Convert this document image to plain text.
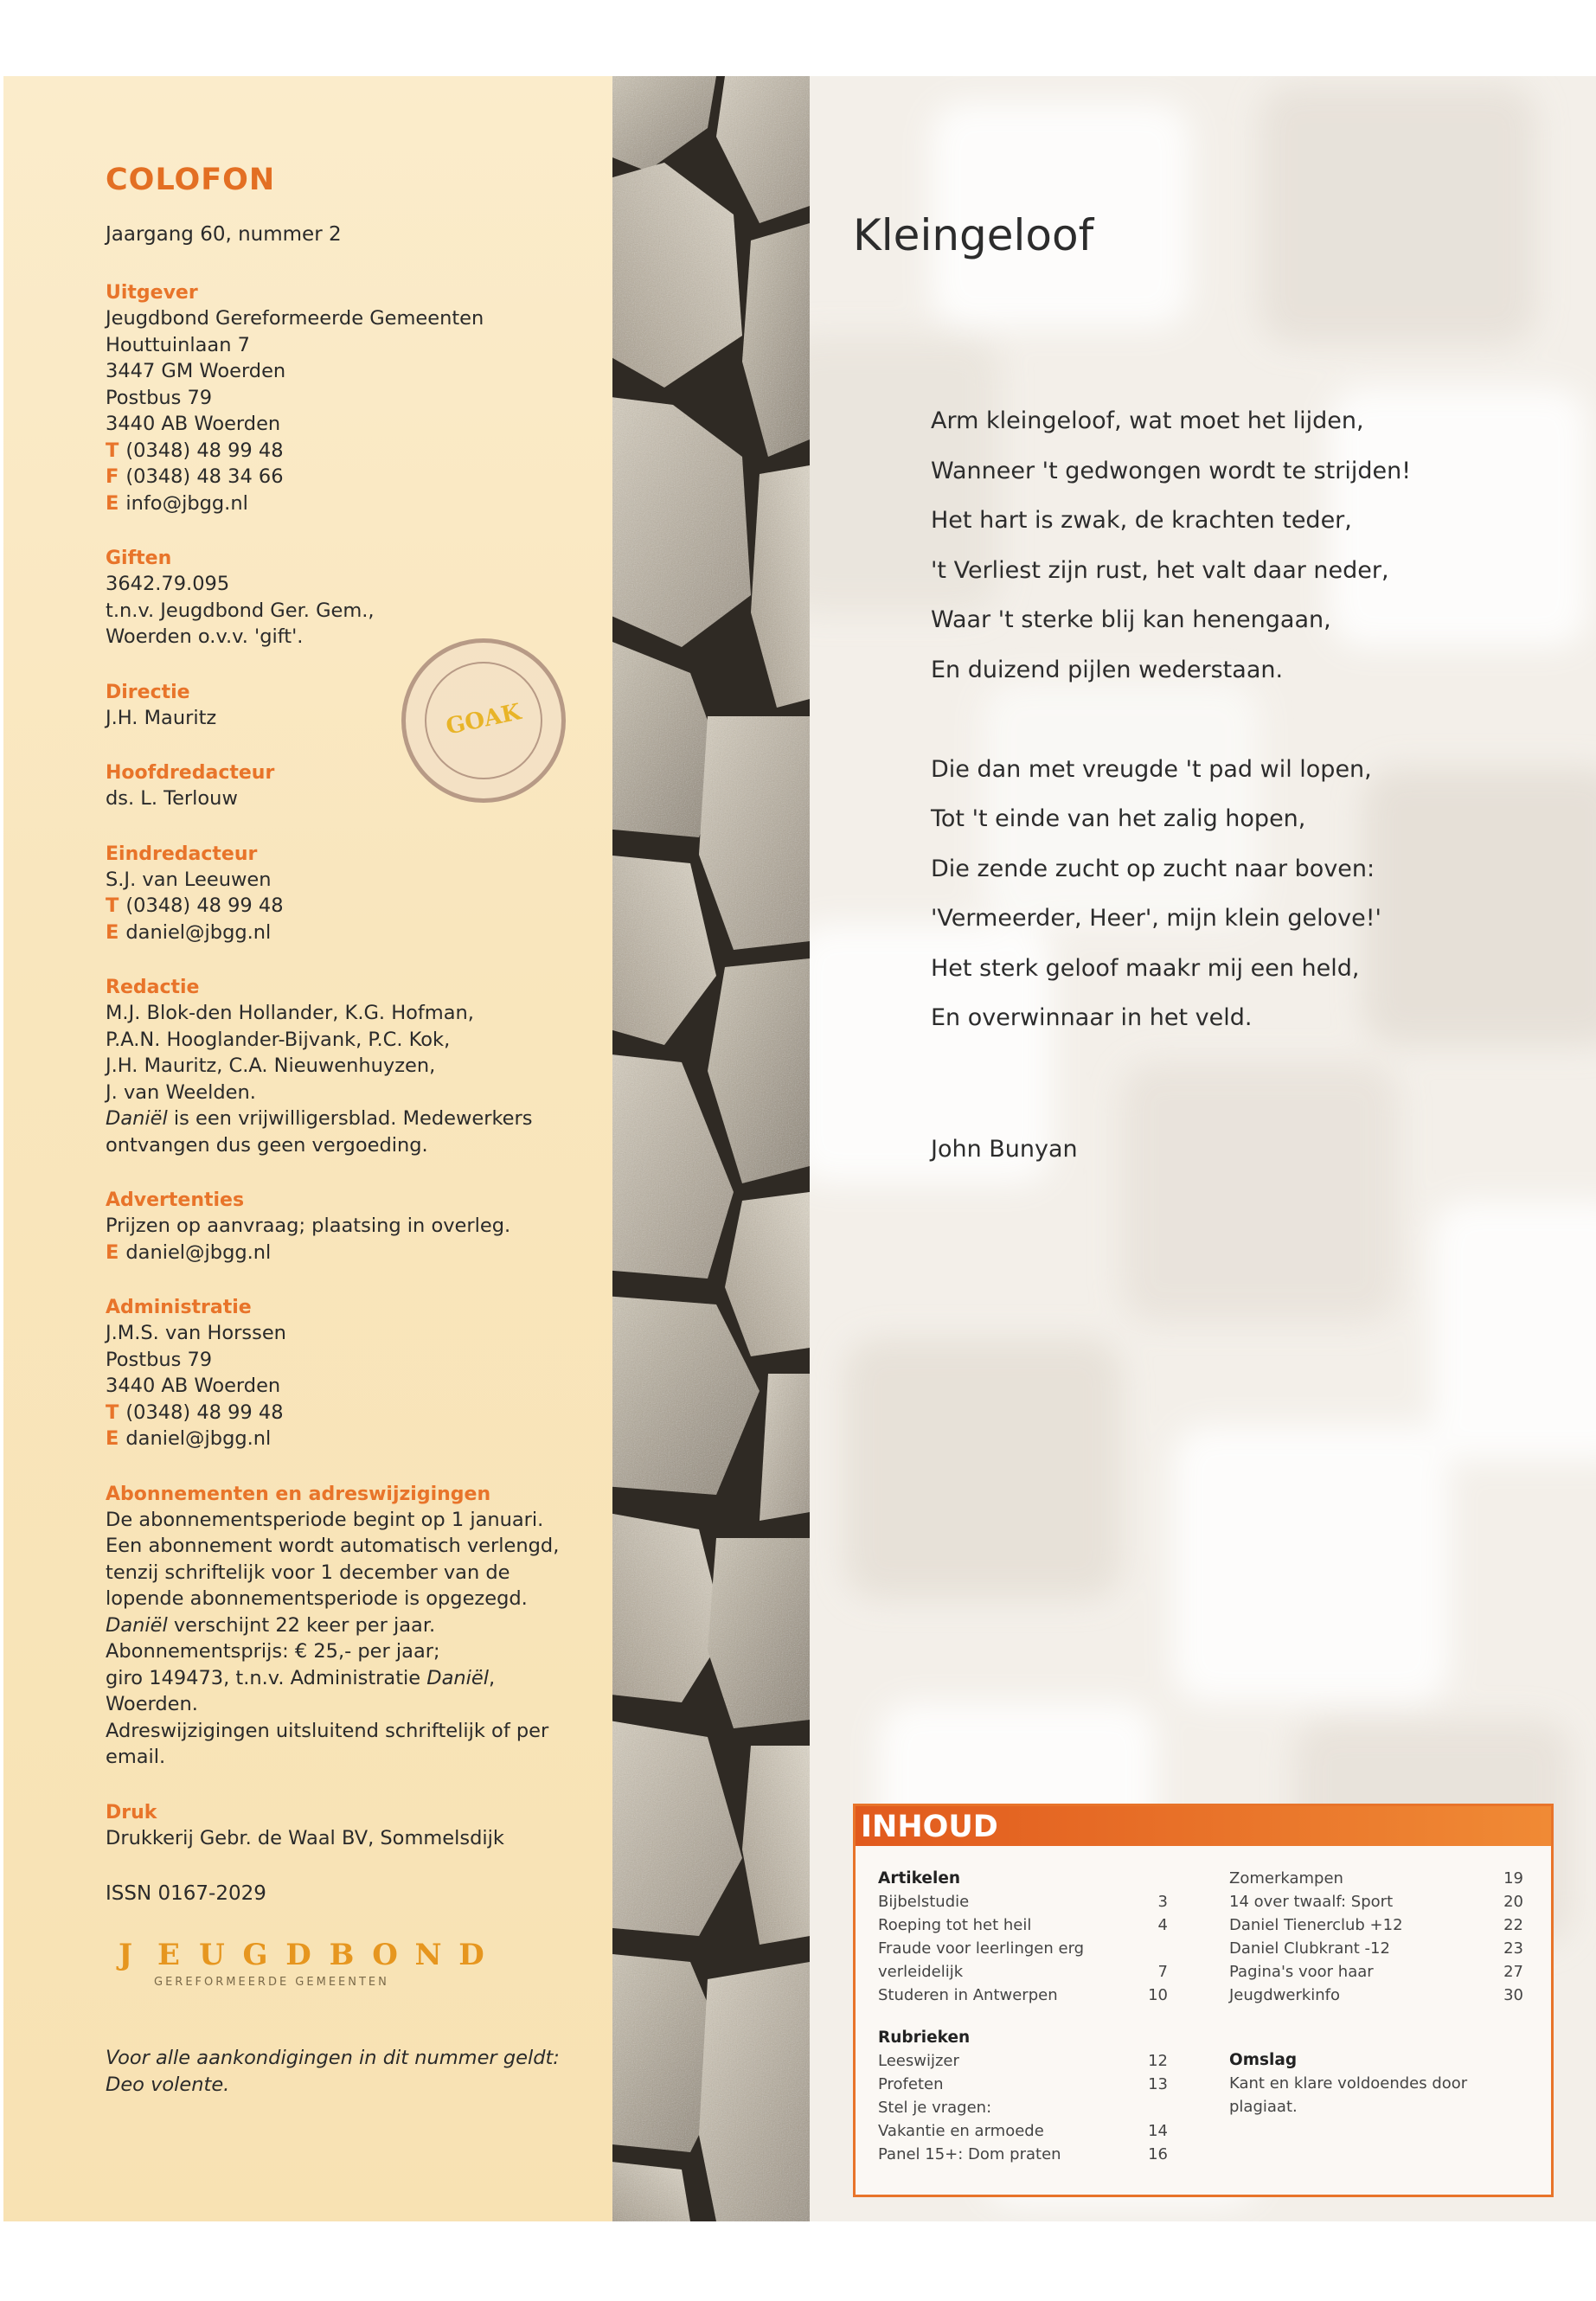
COLOFON
Jaargang 60, nummer 2
Uitgever
Jeugdbond Gereformeerde Gemeenten
Houttuinlaan 7
3447 GM Woerden
Postbus 79
3440 AB Woerden
T (0348) 48 99 48
F (0348) 48 34 66
E info@jbgg.nl
Giften
3642.79.095
t.n.v. Jeugdbond Ger. Gem.,
Woerden o.v.v. 'gift'.
Directie
J.H. Mauritz
Hoofdredacteur
ds. L. Terlouw
Eindredacteur
S.J. van Leeuwen
T (0348) 48 99 48
E daniel@jbgg.nl
Redactie
M.J. Blok-den Hollander, K.G. Hofman,
P.A.N. Hooglander-Bijvank, P.C. Kok,
J.H. Mauritz, C.A. Nieuwenhuyzen,
J. van Weelden.
Daniël is een vrijwilligersblad. Medewerkers
ontvangen dus geen vergoeding.
Advertenties
Prijzen op aanvraag; plaatsing in overleg.
E daniel@jbgg.nl
Administratie
J.M.S. van Horssen
Postbus 79
3440 AB Woerden
T (0348) 48 99 48
E daniel@jbgg.nl
Abonnementen en adreswijzigingen
De abonnementsperiode begint op 1 januari.
Een abonnement wordt automatisch verlengd,
tenzij schriftelijk voor 1 december van de
lopende abonnementsperiode is opgezegd.
Daniël verschijnt 22 keer per jaar.
Abonnementsprijs: € 25,- per jaar;
giro 149473, t.n.v. Administratie Daniël,
Woerden.
Adreswijzigingen uitsluitend schriftelijk of per
email.
Druk
Drukkerij Gebr. de Waal BV, Sommelsdijk
ISSN 0167-2029
J E U G D B O N D
GEREFORMEERDE GEMEENTEN
Voor alle aankondigingen in dit nummer geldt:
Deo volente.
GOAK
Kleingeloof
Arm kleingeloof, wat moet het lijden,
Wanneer 't gedwongen wordt te strijden!
Het hart is zwak, de krachten teder,
't Verliest zijn rust, het valt daar neder,
Waar 't sterke blij kan henengaan,
En duizend pijlen wederstaan.
Die dan met vreugde 't pad wil lopen,
Tot 't einde van het zalig hopen,
Die zende zucht op zucht naar boven:
'Vermeerder, Heer', mijn klein gelove!'
Het sterk geloof maakr mij een held,
En overwinnaar in het veld.
John Bunyan
INHOUD
Artikelen
Bijbelstudie	3
Roeping tot het heil	4
Fraude voor leerlingen erg
verleidelijk	7
Studeren in Antwerpen	10
Rubrieken
Leeswijzer	12
Profeten	13
Stel je vragen:
Vakantie en armoede	14
Panel 15+: Dom praten	16
Zomerkampen	19
14 over twaalf: Sport	20
Daniel Tienerclub +12	22
Daniel Clubkrant -12	23
Pagina's voor haar	27
Jeugdwerkinfo	30
Omslag
Kant en klare voldoendes door
plagiaat.
